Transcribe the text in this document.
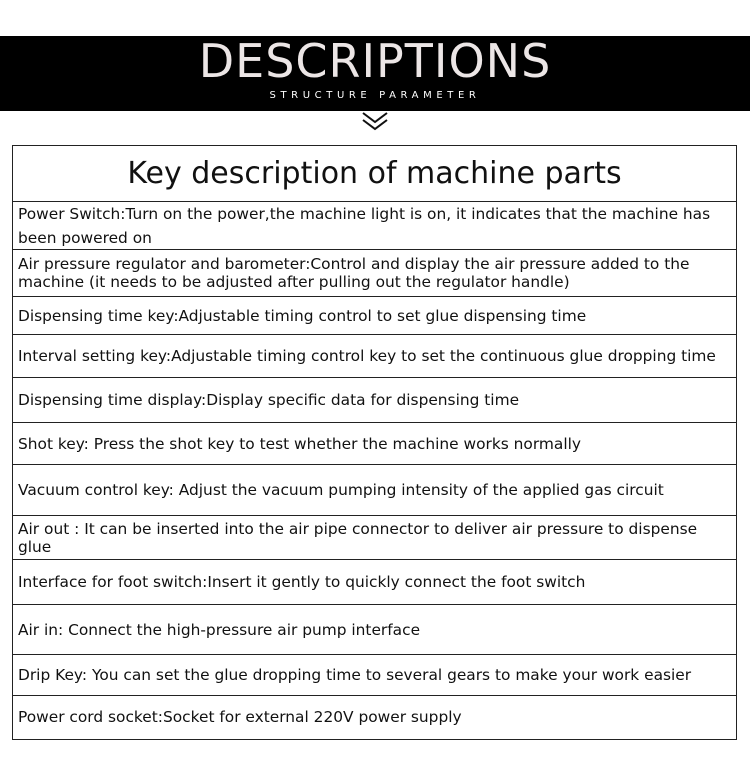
DESCRIPTIONS
STRUCTURE PARAMETER
Key description of machine parts
Power Switch:Turn on the power,the machine light is on, it indicates that the machine has been powered on
Air pressure regulator and barometer:Control and display the air pressure added to the machine (it needs to be adjusted after pulling out the regulator handle)
Dispensing time key:Adjustable timing control to set glue dispensing time
Interval setting key:Adjustable timing control key to set the continuous glue dropping time
Dispensing time display:Display specific data for dispensing time
Shot key: Press the shot key to test whether the machine works normally
Vacuum control key: Adjust the vacuum pumping intensity of the applied gas circuit
Air out : It can be inserted into the air pipe connector to deliver air pressure to dispense glue
Interface for foot switch:Insert it gently to quickly connect the foot switch
Air in: Connect the high-pressure air pump interface
Drip Key: You can set the glue dropping time to several gears to make your work easier
Power cord socket:Socket for external 220V power supply
